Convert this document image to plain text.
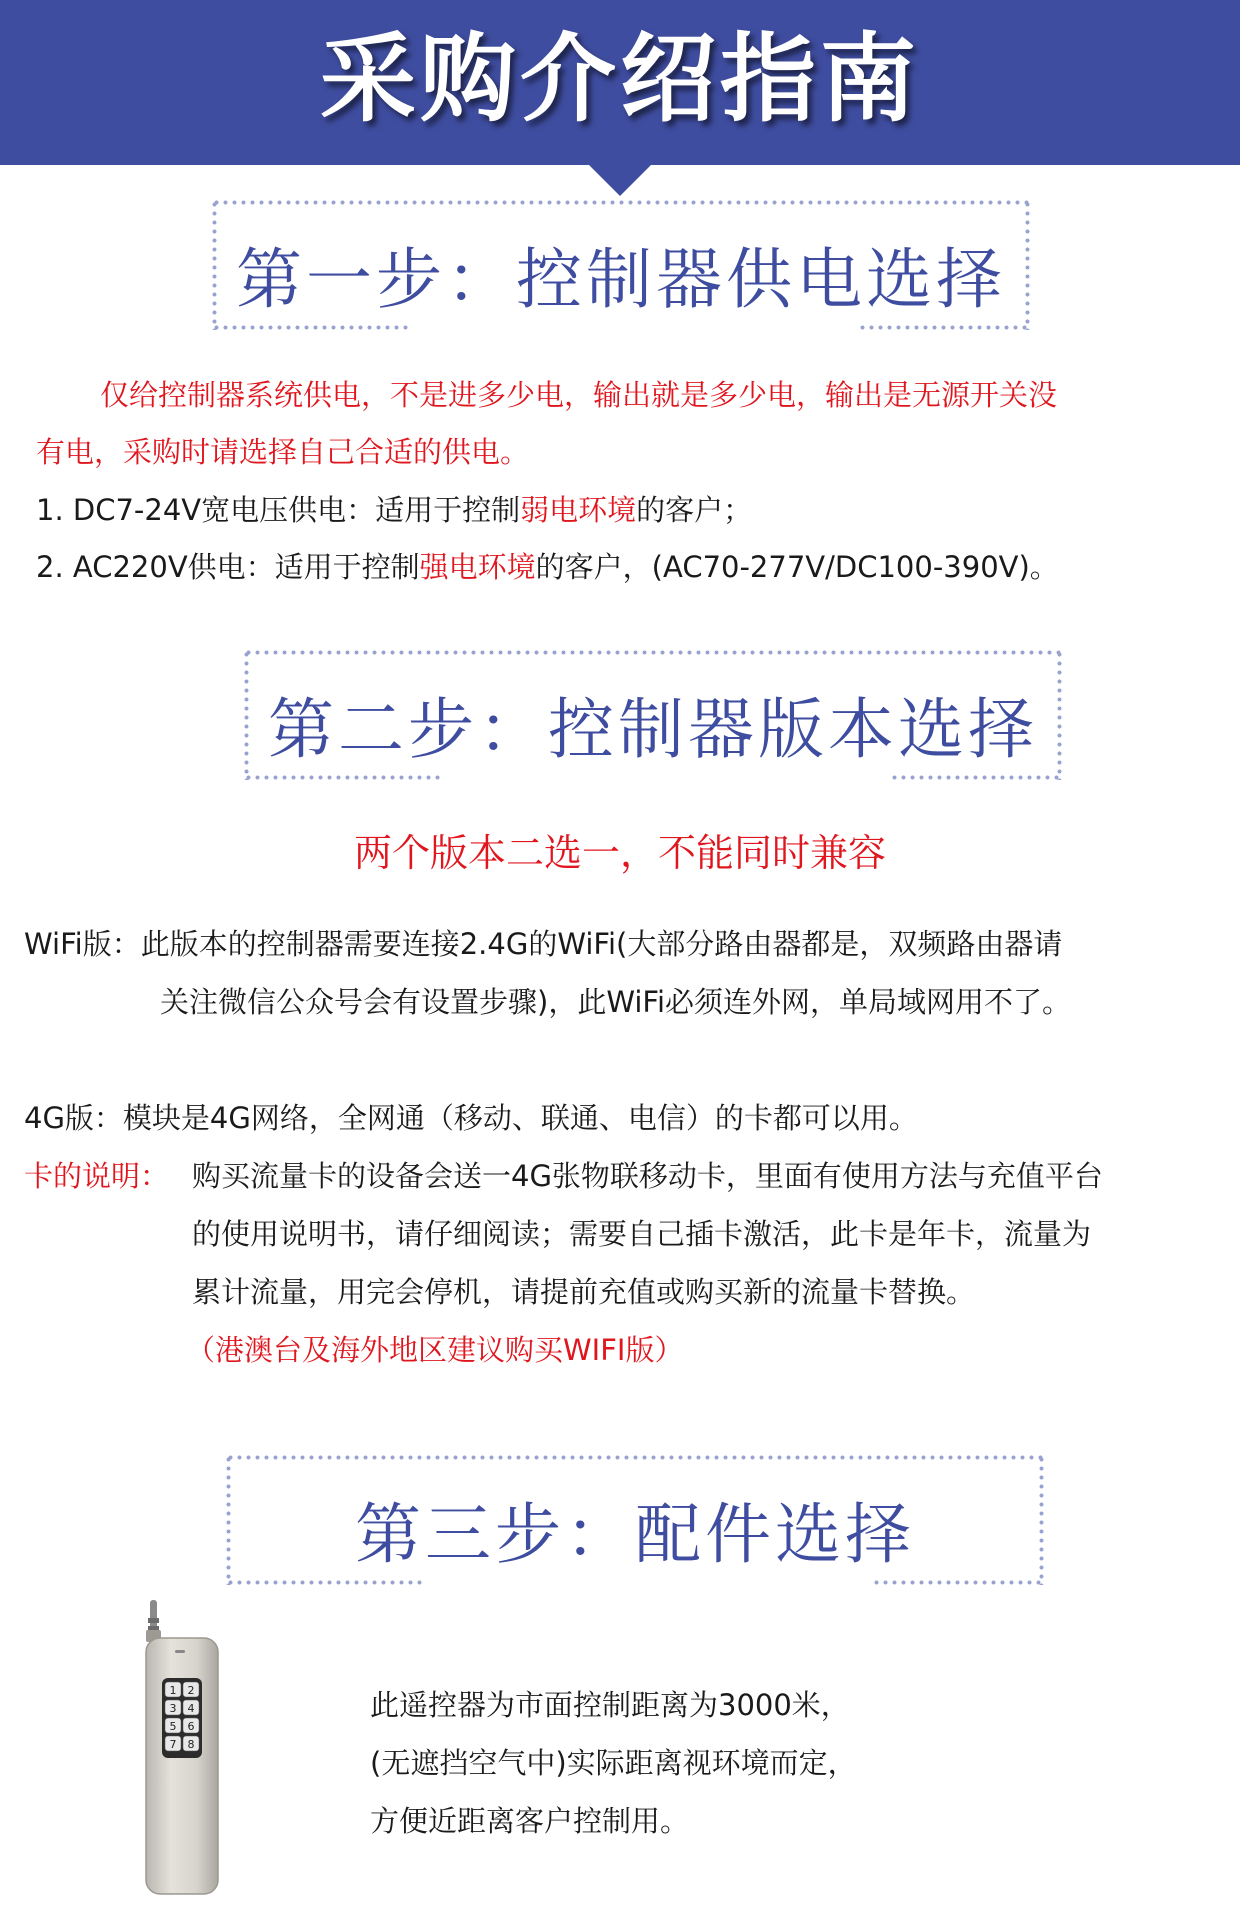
采购介绍指南
第一步：控制器供电选择
仅给控制器系统供电，不是进多少电，输出就是多少电，输出是无源开关没
有电，采购时请选择自己合适的供电。
1. DC7-24V宽电压供电：适用于控制弱电环境的客户；
2. AC220V供电：适用于控制强电环境的客户，(AC70-277V/DC100-390V)。
第二步：控制器版本选择
两个版本二选一，不能同时兼容
WiFi版：此版本的控制器需要连接2.4G的WiFi(大部分路由器都是，双频路由器请
关注微信公众号会有设置步骤)，此WiFi必须连外网，单局域网用不了。
4G版：模块是4G网络，全网通（移动、联通、电信）的卡都可以用。
卡的说明： 购买流量卡的设备会送一4G张物联移动卡，里面有使用方法与充值平台
的使用说明书，请仔细阅读；需要自己插卡激活，此卡是年卡，流量为
累计流量，用完会停机，请提前充值或购买新的流量卡替换。
（港澳台及海外地区建议购买WIFI版）
第三步：配件选择
1 2
3 4
5 6
7 8
此遥控器为市面控制距离为3000米，
(无遮挡空气中)实际距离视环境而定，
方便近距离客户控制用。
